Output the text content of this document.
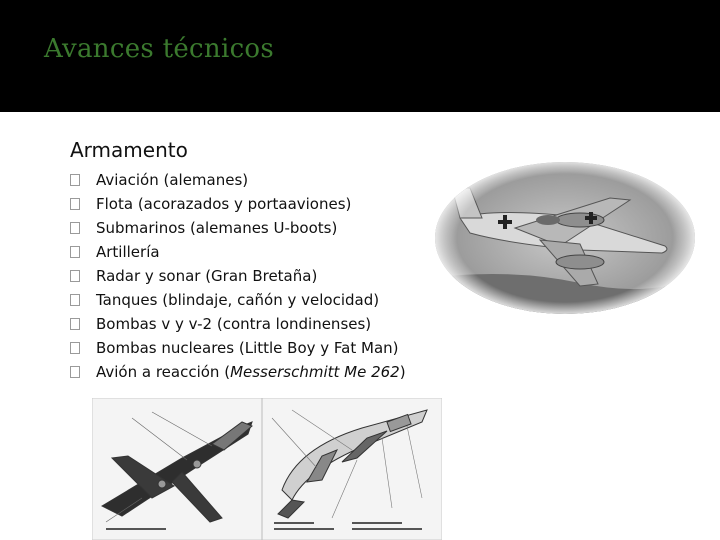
Avances técnicos
Armamento
Aviación (alemanes)
Flota (acorazados y portaaviones)
Submarinos (alemanes U-boots)
Artillería
Radar y sonar (Gran Bretaña)
Tanques (blindaje, cañón y velocidad)
Bombas v y v-2 (contra londinenses)
Bombas nucleares (Little Boy y Fat Man)
Avión a reacción (Messerschmitt Me 262)
